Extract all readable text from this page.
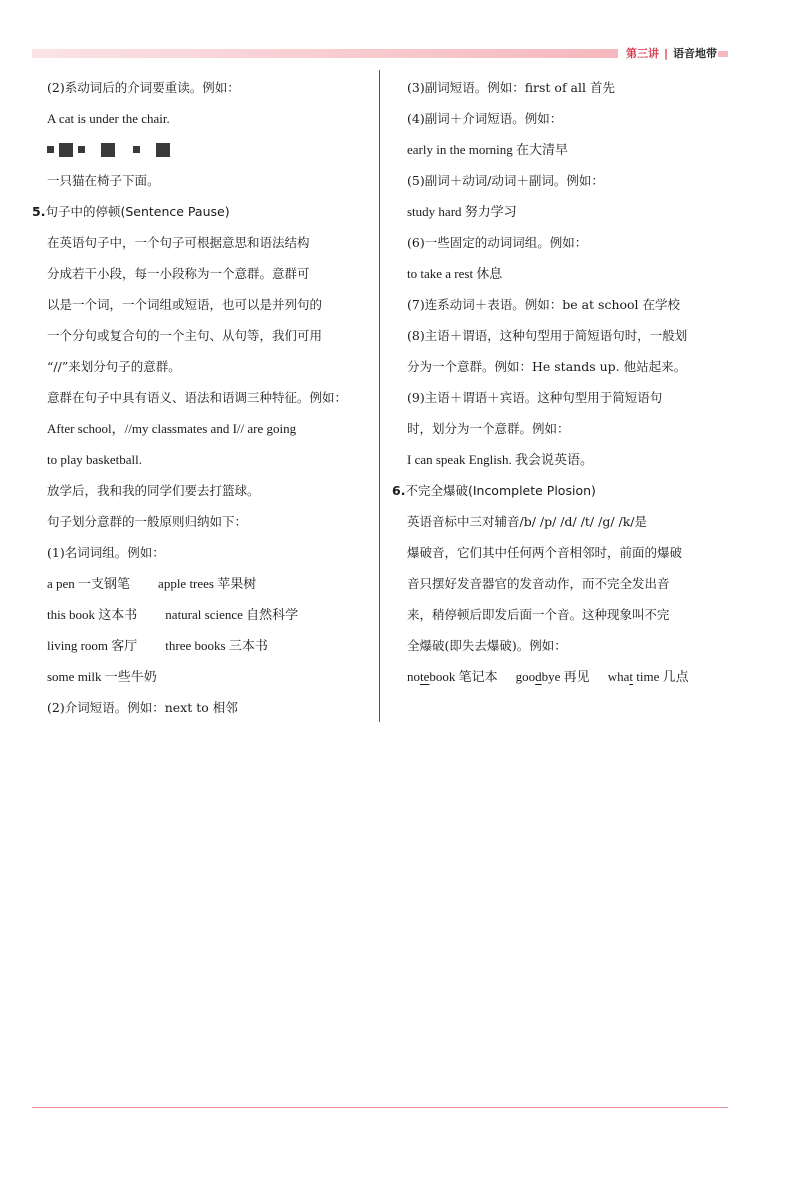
第三讲 | 语音地带
(2)系动词后的介词要重读。例如：
A cat is under the chair.
一只猫在椅子下面。
5.句子中的停顿(Sentence Pause)
在英语句子中，一个句子可根据意思和语法结构
分成若干小段，每一小段称为一个意群。意群可
以是一个词，一个词组或短语，也可以是并列句的
一个分句或复合句的一个主句、从句等，我们可用
“//”来划分句子的意群。
意群在句子中具有语义、语法和语调三种特征。例如：
After school，//my classmates and I// are going
to play basketball.
放学后，我和我的同学们要去打篮球。
句子划分意群的一般原则归纳如下：
(1)名词词组。例如：
a pen 一支钢笔 apple trees 苹果树
this book 这本书 natural science 自然科学
living room 客厅 three books 三本书
some milk 一些牛奶
(2)介词短语。例如：next to 相邻
(3)副词短语。例如：first of all 首先
(4)副词＋介词短语。例如：
early in the morning 在大清早
(5)副词＋动词/动词＋副词。例如：
study hard 努力学习
(6)一些固定的动词词组。例如：
to take a rest 休息
(7)连系动词＋表语。例如：be at school 在学校
(8)主语＋谓语，这种句型用于简短语句时，一般划
分为一个意群。例如：He stands up. 他站起来。
(9)主语＋谓语＋宾语。这种句型用于简短语句
时，划分为一个意群。例如：
I can speak English. 我会说英语。
6.不完全爆破(Incomplete Plosion)
英语音标中三对辅音/b/ /p/ /d/ /t/ /g/ /k/是
爆破音，它们其中任何两个音相邻时，前面的爆破
音只摆好发音器官的发音动作，而不完全发出音
来，稍停顿后即发后面一个音。这种现象叫不完
全爆破(即失去爆破)。例如：
notebook 笔记本 goodbye 再见 what time 几点
